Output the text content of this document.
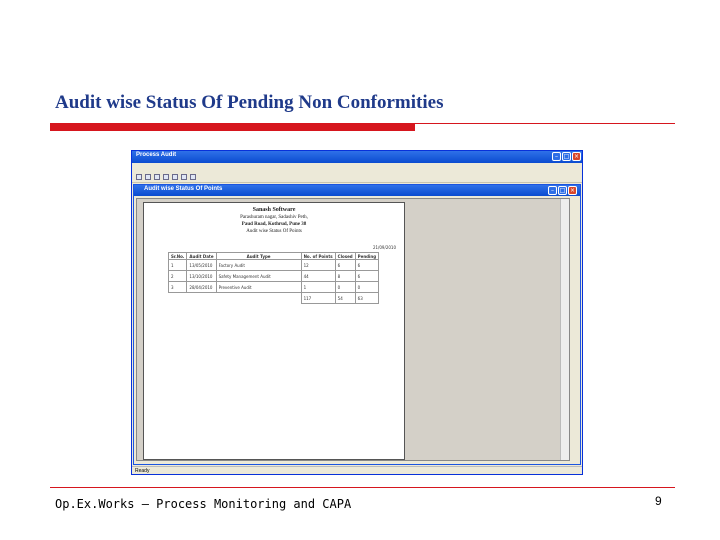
Audit wise Status Of Pending Non Conformities
Process Audit	– □ ×

Audit wise Status Of Points	– □ ×
Sanash Software
Parashuram nagar, Sadashiv Peth,
Paud Road, Kothrud, Pune 38
Audit wise Status Of Points
21/09/2010
Sr.No.	Audit Date	Audit Type	No. of Points	Closed	Pending
1	13/05/2010	Factory Audit	12	6	6
2	13/10/2010	Safety Management Audit	44	8	6
3	28/04/2010	Preventive Audit	1	0	0
			117	54	63
Ready
Op.Ex.Works – Process Monitoring and CAPA	9
